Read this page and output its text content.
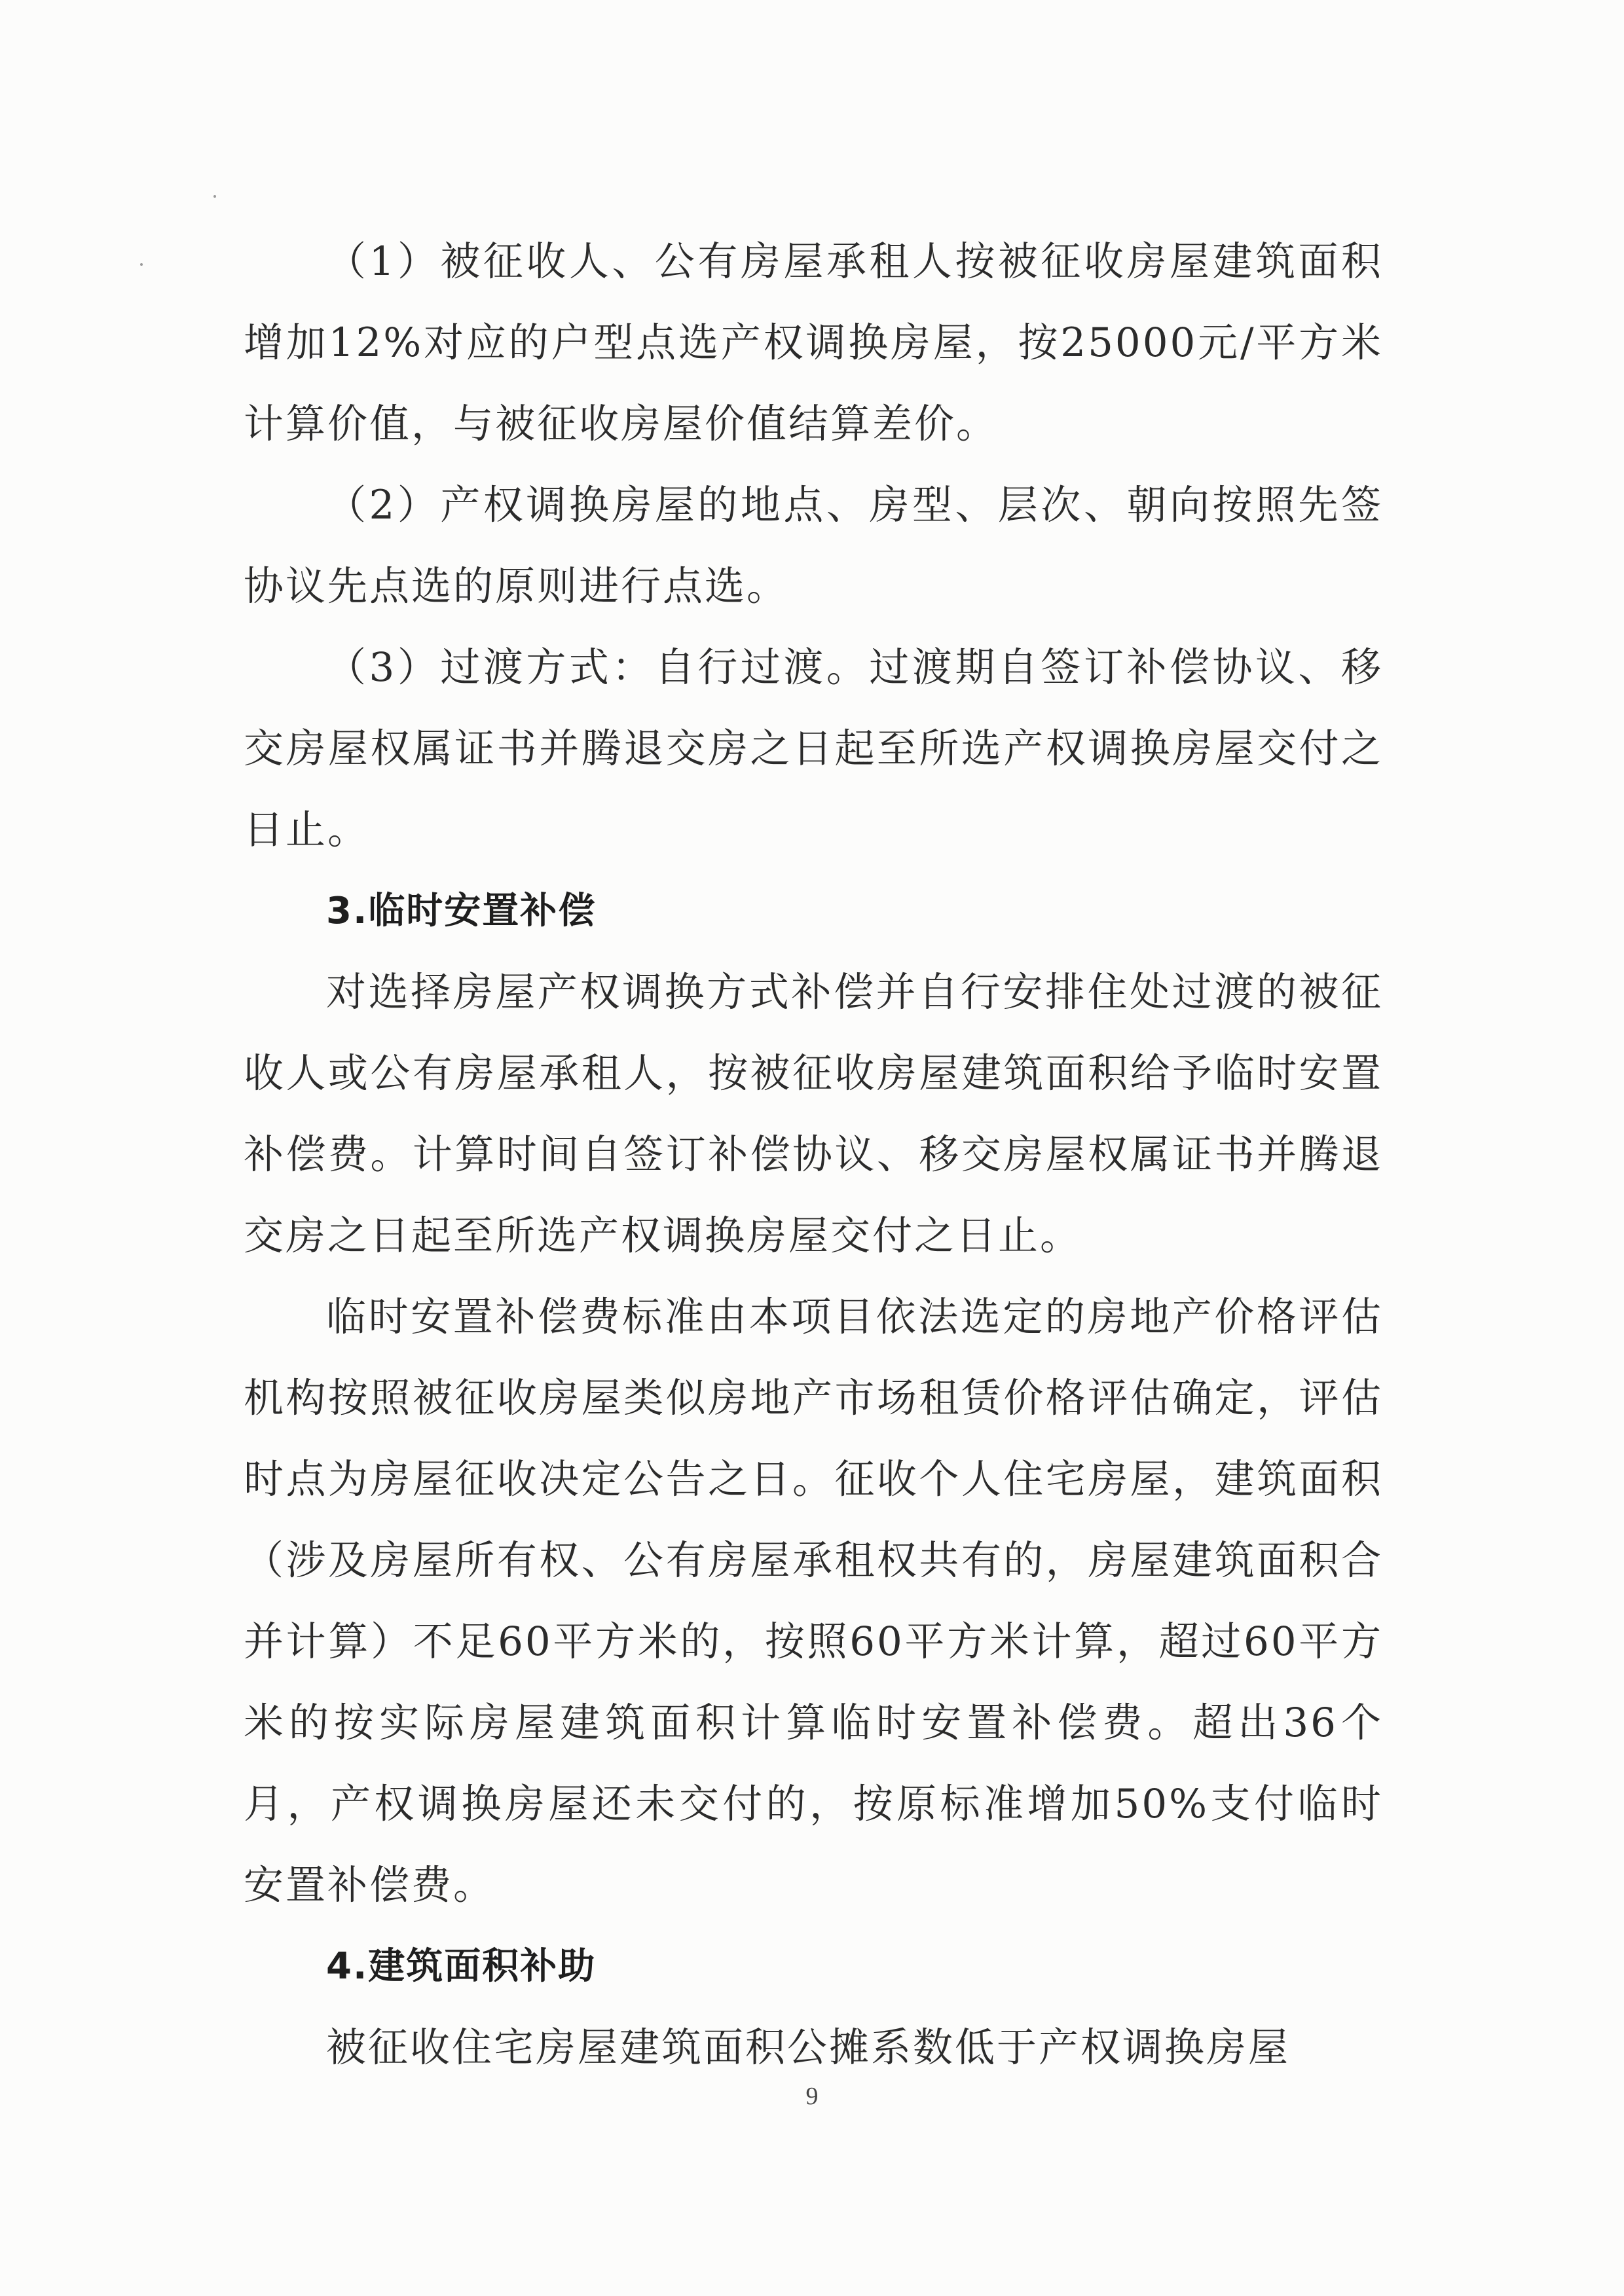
（1）被征收人、公有房屋承租人按被征收房屋建筑面积增加12%对应的户型点选产权调换房屋，按25000元/平方米计算价值，与被征收房屋价值结算差价。

（2）产权调换房屋的地点、房型、层次、朝向按照先签协议先点选的原则进行点选。

（3）过渡方式：自行过渡。过渡期自签订补偿协议、移交房屋权属证书并腾退交房之日起至所选产权调换房屋交付之日止。

3.临时安置补偿

对选择房屋产权调换方式补偿并自行安排住处过渡的被征收人或公有房屋承租人，按被征收房屋建筑面积给予临时安置补偿费。计算时间自签订补偿协议、移交房屋权属证书并腾退交房之日起至所选产权调换房屋交付之日止。

临时安置补偿费标准由本项目依法选定的房地产价格评估机构按照被征收房屋类似房地产市场租赁价格评估确定，评估时点为房屋征收决定公告之日。征收个人住宅房屋，建筑面积（涉及房屋所有权、公有房屋承租权共有的，房屋建筑面积合并计算）不足60平方米的，按照60平方米计算，超过60平方米的按实际房屋建筑面积计算临时安置补偿费。超出36个月，产权调换房屋还未交付的，按原标准增加50%支付临时安置补偿费。

4.建筑面积补助

被征收住宅房屋建筑面积公摊系数低于产权调换房屋

9
